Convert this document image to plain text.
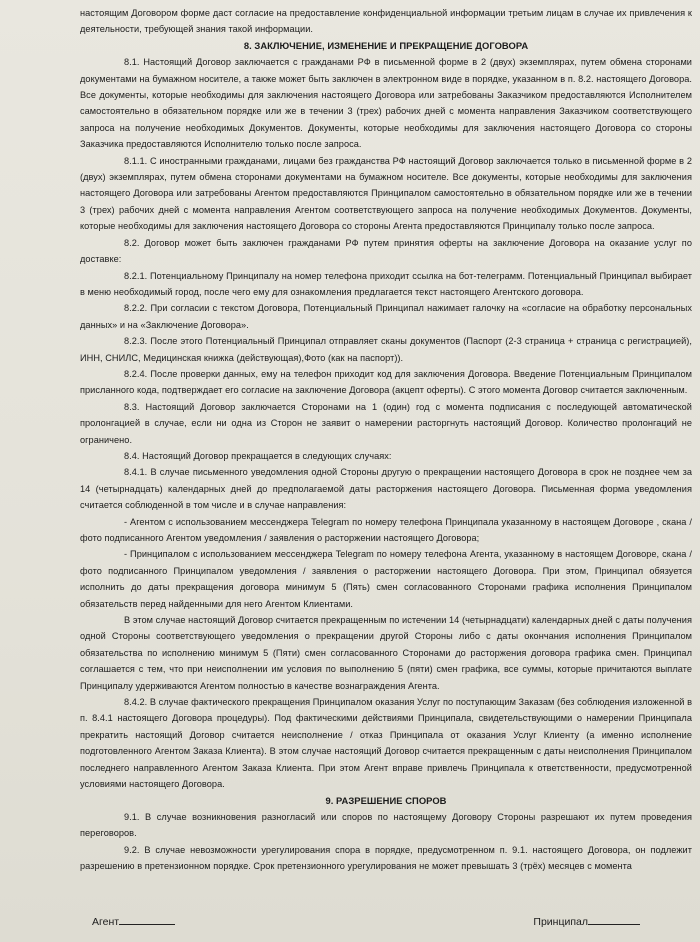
настоящим Договором форме даст согласие на предоставление конфиденциальной информации третьим лицам в случае их привлечения к деятельности, требующей знания такой информации.

8. ЗАКЛЮЧЕНИЕ, ИЗМЕНЕНИЕ И ПРЕКРАЩЕНИЕ ДОГОВОРА

8.1. Настоящий Договор заключается с гражданами РФ в письменной форме в 2 (двух) экземплярах, путем обмена сторонами документами на бумажном носителе, а также может быть заключен в электронном виде в порядке, указанном в п. 8.2. настоящего Договора. Все документы, которые необходимы для заключения настоящего Договора или затребованы Заказчиком предоставляются Исполнителем самостоятельно в обязательном порядке или же в течении 3 (трех) рабочих дней с момента направления Заказчиком соответствующего запроса на получение необходимых Документов. Документы, которые необходимы для заключения настоящего Договора со стороны Заказчика предоставляются Исполнителю только после запроса.

8.1.1. С иностранными гражданами, лицами без гражданства РФ настоящий Договор заключается только в письменной форме в 2 (двух) экземплярах, путем обмена сторонами документами на бумажном носителе. Все документы, которые необходимы для заключения настоящего Договора или затребованы Агентом предоставляются Принципалом самостоятельно в обязательном порядке или же в течении 3 (трех) рабочих дней с момента направления Агентом соответствующего запроса на получение необходимых Документов. Документы, которые необходимы для заключения настоящего Договора со стороны Агента предоставляются Принципалу только после запроса.

8.2. Договор может быть заключен гражданами РФ путем принятия оферты на заключение Договора на оказание услуг по доставке:

8.2.1. Потенциальному Принципалу на номер телефона приходит ссылка на бот-телеграмм. Потенциальный Принципал выбирает в меню необходимый город, после чего ему для ознакомления предлагается текст настоящего Агентского договора.

8.2.2. При согласии с текстом Договора, Потенциальный Принципал нажимает галочку на «согласие на обработку персональных данных» и на «Заключение Договора».

8.2.3. После этого Потенциальный Принципал отправляет сканы документов (Паспорт (2-3 страница + страница с регистрацией), ИНН, СНИЛС, Медицинская книжка (действующая),Фото (как на паспорт)).

8.2.4. После проверки данных, ему на телефон приходит код для заключения Договора. Введение Потенциальным Принципалом присланного кода, подтверждает его согласие на заключение Договора (акцепт оферты). С этого момента Договор считается заключенным.

8.3. Настоящий Договор заключается Сторонами на 1 (один) год с момента подписания с последующей автоматической пролонгацией в случае, если ни одна из Сторон не заявит о намерении расторгнуть настоящий Договор. Количество пролонгаций не ограничено.

8.4. Настоящий Договор прекращается в следующих случаях:

8.4.1. В случае письменного уведомления одной Стороны другую о прекращении настоящего Договора в срок не позднее чем за 14 (четырнадцать) календарных дней до предполагаемой даты расторжения настоящего Договора. Письменная форма уведомления считается соблюденной в том числе и в случае направления:

- Агентом с использованием мессенджера Telegram по номеру телефона Принципала указанному в настоящем Договоре , скана / фото подписанного Агентом уведомления / заявления о расторжении настоящего Договора;

- Принципалом с использованием мессенджера Telegram по номеру телефона Агента, указанному в настоящем Договоре, скана / фото подписанного Принципалом уведомления / заявления о расторжении настоящего Договора. При этом, Принципал обязуется исполнить до даты прекращения договора минимум 5 (Пять) смен согласованного Сторонами графика исполнения Принципалом обязательств перед найденными для него Агентом Клиентами.

В этом случае настоящий Договор считается прекращенным по истечении 14 (четырнадцати) календарных дней с даты получения одной Стороны соответствующего уведомления о прекращении другой Стороны либо с даты окончания исполнения Принципалом обязательства по исполнению минимум 5 (Пяти) смен согласованного Сторонами до расторжения договора графика смен. Принципал соглашается с тем, что при неисполнении им условия по выполнению 5 (пяти) смен графика, все суммы, которые причитаются выплате Принципалу удерживаются Агентом полностью в качестве вознаграждения Агента.

8.4.2. В случае фактического прекращения Принципалом оказания Услуг по поступающим Заказам (без соблюдения изложенной в п. 8.4.1 настоящего Договора процедуры). Под фактическими действиями Принципала, свидетельствующими о намерении Принципала прекратить настоящий Договор считается неисполнение / отказ Принципала от оказания Услуг Клиенту (а именно исполнение подготовленного Агентом Заказа Клиента). В этом случае настоящий Договор считается прекращенным с даты неисполнения Принципалом последнего направленного Агентом Заказа Клиента. При этом Агент вправе привлечь Принципала к ответственности, предусмотренной условиями настоящего Договора.

9. РАЗРЕШЕНИЕ СПОРОВ

9.1. В случае возникновения разногласий или споров по настоящему Договору Стороны разрешают их путем проведения переговоров.

9.2. В случае невозможности урегулирования спора в порядке, предусмотренном п. 9.1. настоящего Договора, он подлежит разрешению в претензионном порядке. Срок претензионного урегулирования не может превышать 3 (трёх) месяцев с момента

Агент	Принципал
